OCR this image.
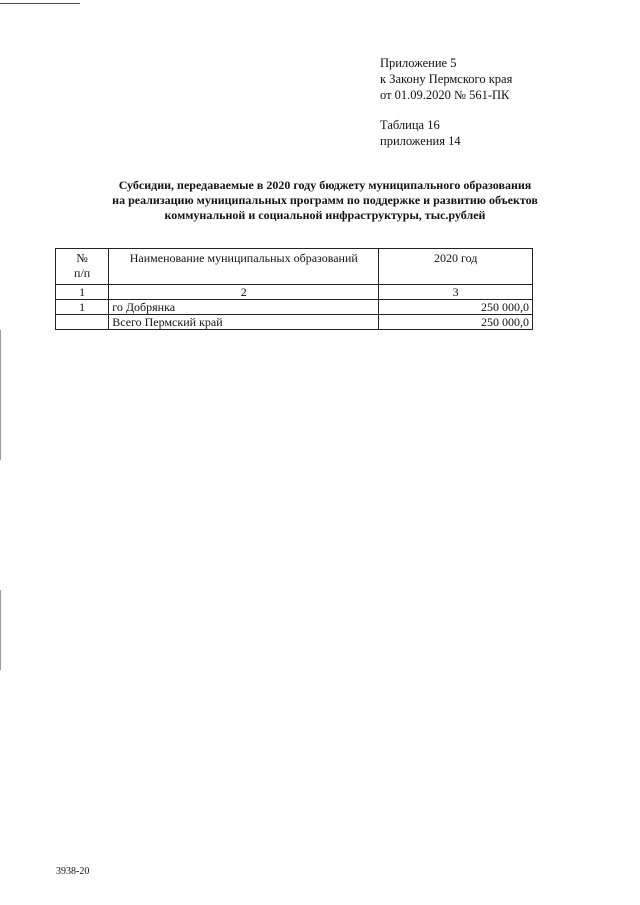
Приложение 5
к Закону Пермского края
от 01.09.2020 № 561-ПК
Таблица 16
приложения 14
Субсидии, передаваемые в 2020 году бюджету муниципального образования
на реализацию муниципальных программ по поддержке и развитию объектов
коммунальной и социальной инфраструктуры, тыс.рублей
№
п/п	Наименование муниципальных образований	2020 год
1	2	3
1	го Добрянка	250 000,0
	Всего Пермский край	250 000,0
3938-20
